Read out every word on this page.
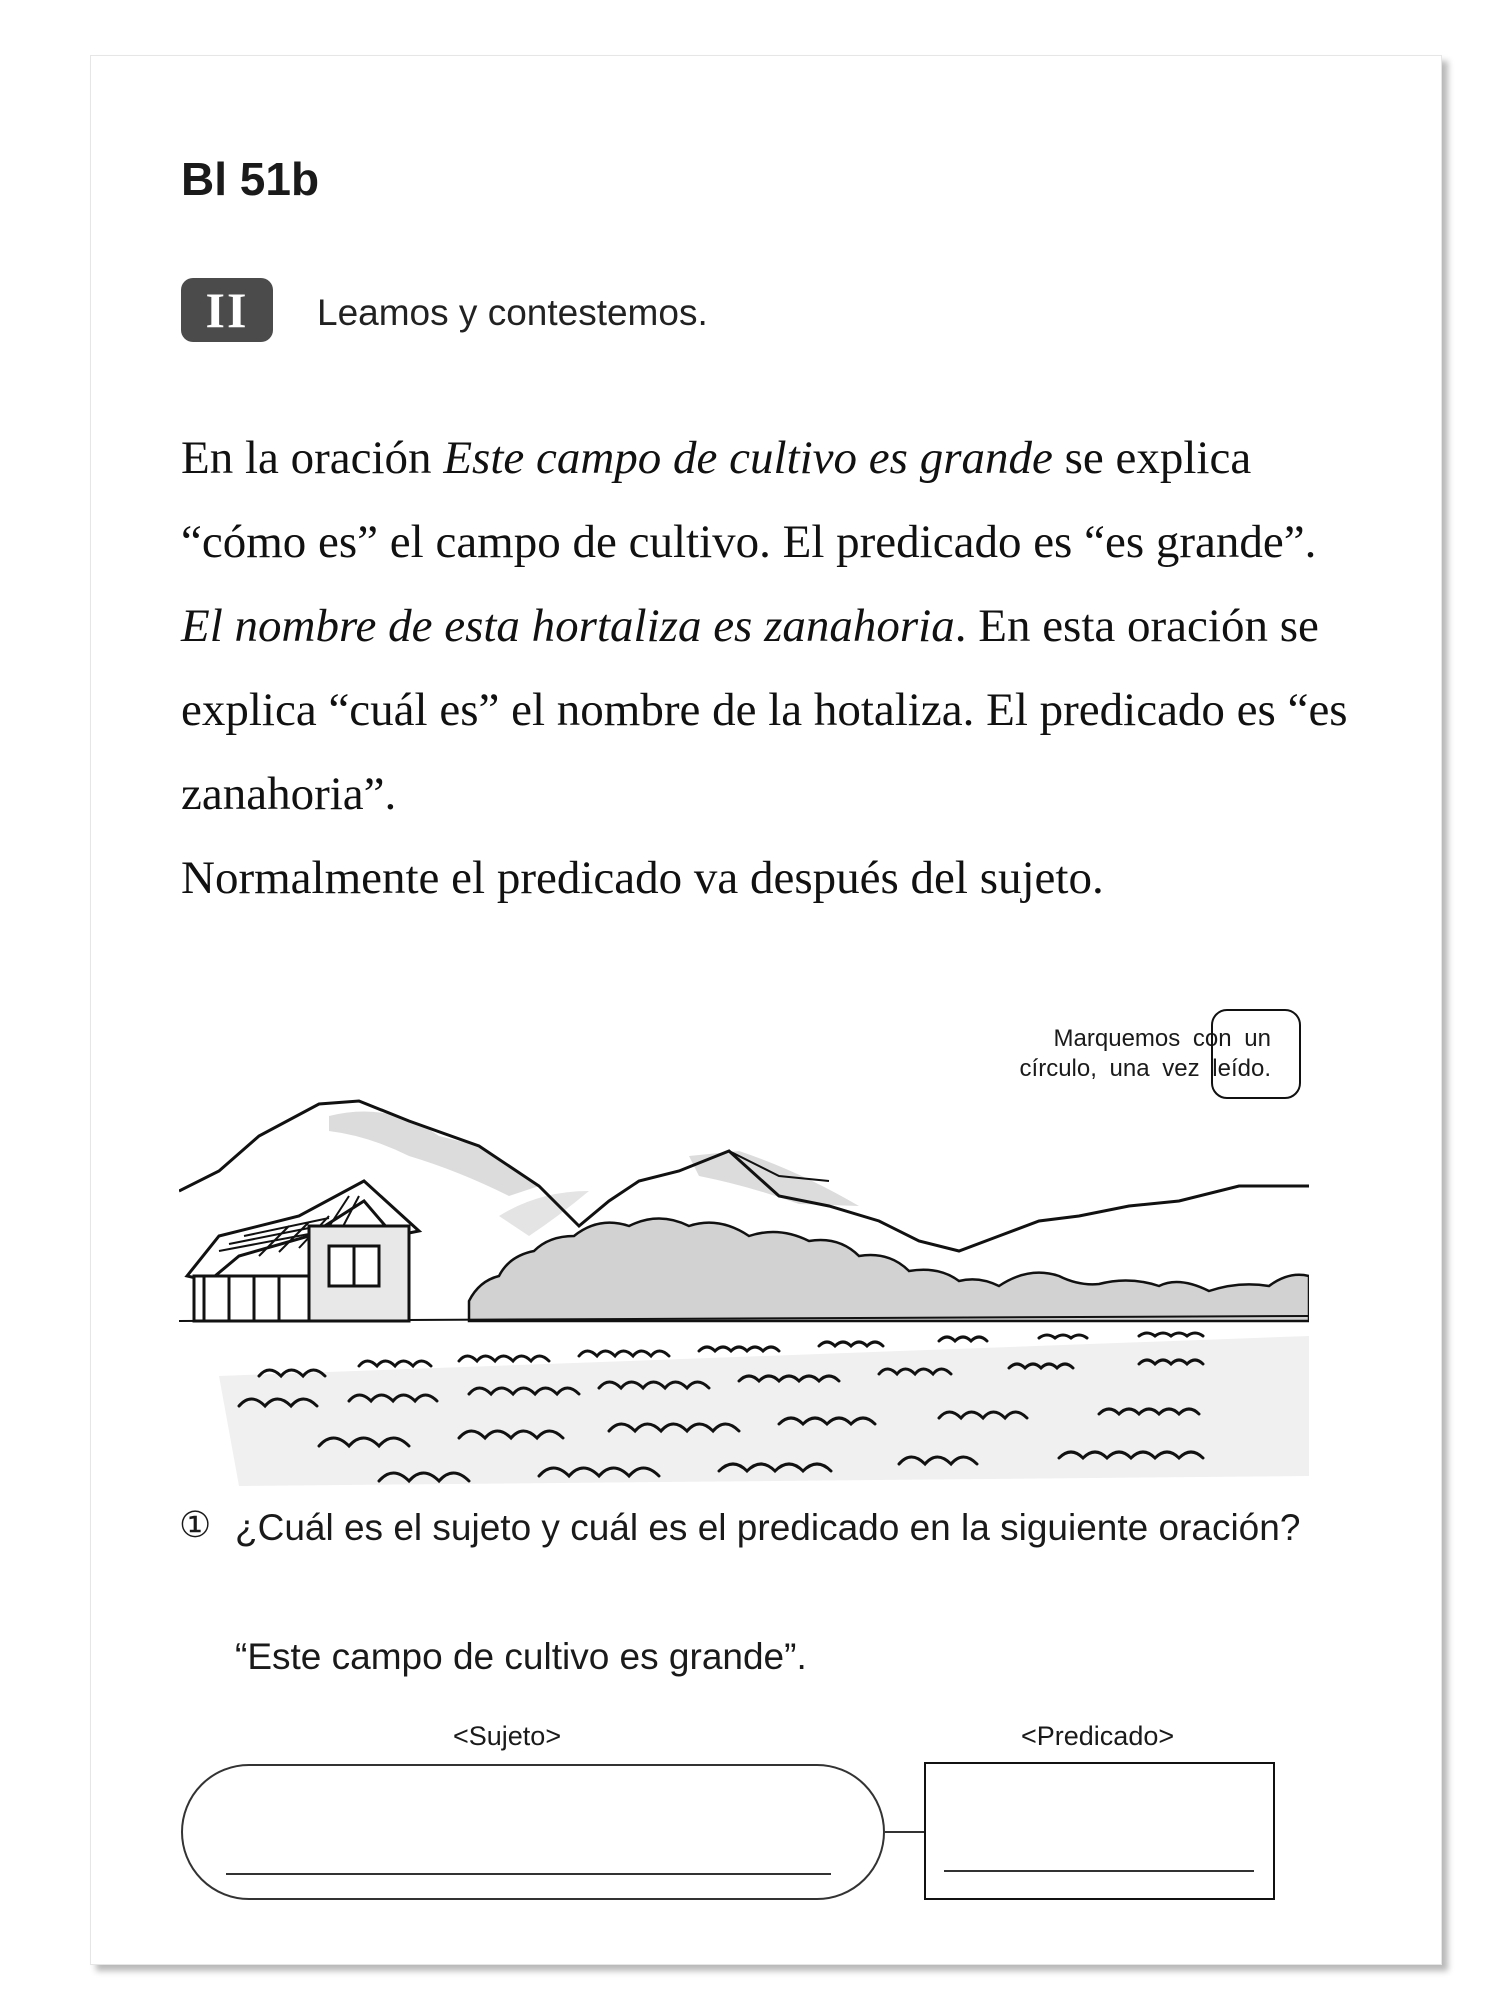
Bl 51b
II	Leamos y contestemos.

En la oración Este campo de cultivo es grande se explica “cómo es” el campo de cultivo. El predicado es “es grande”.

El nombre de esta hortaliza es zanahoria. En esta oración se explica “cuál es” el nombre de la hotaliza. El predicado es “es zanahoria”.

Normalmente el predicado va después del sujeto.

Marquemos con un
círculo, una vez leído.
① ¿Cuál es el sujeto y cuál es el predicado en la siguiente oración?
“Este campo de cultivo es grande”.
<Sujeto>	<Predicado>
